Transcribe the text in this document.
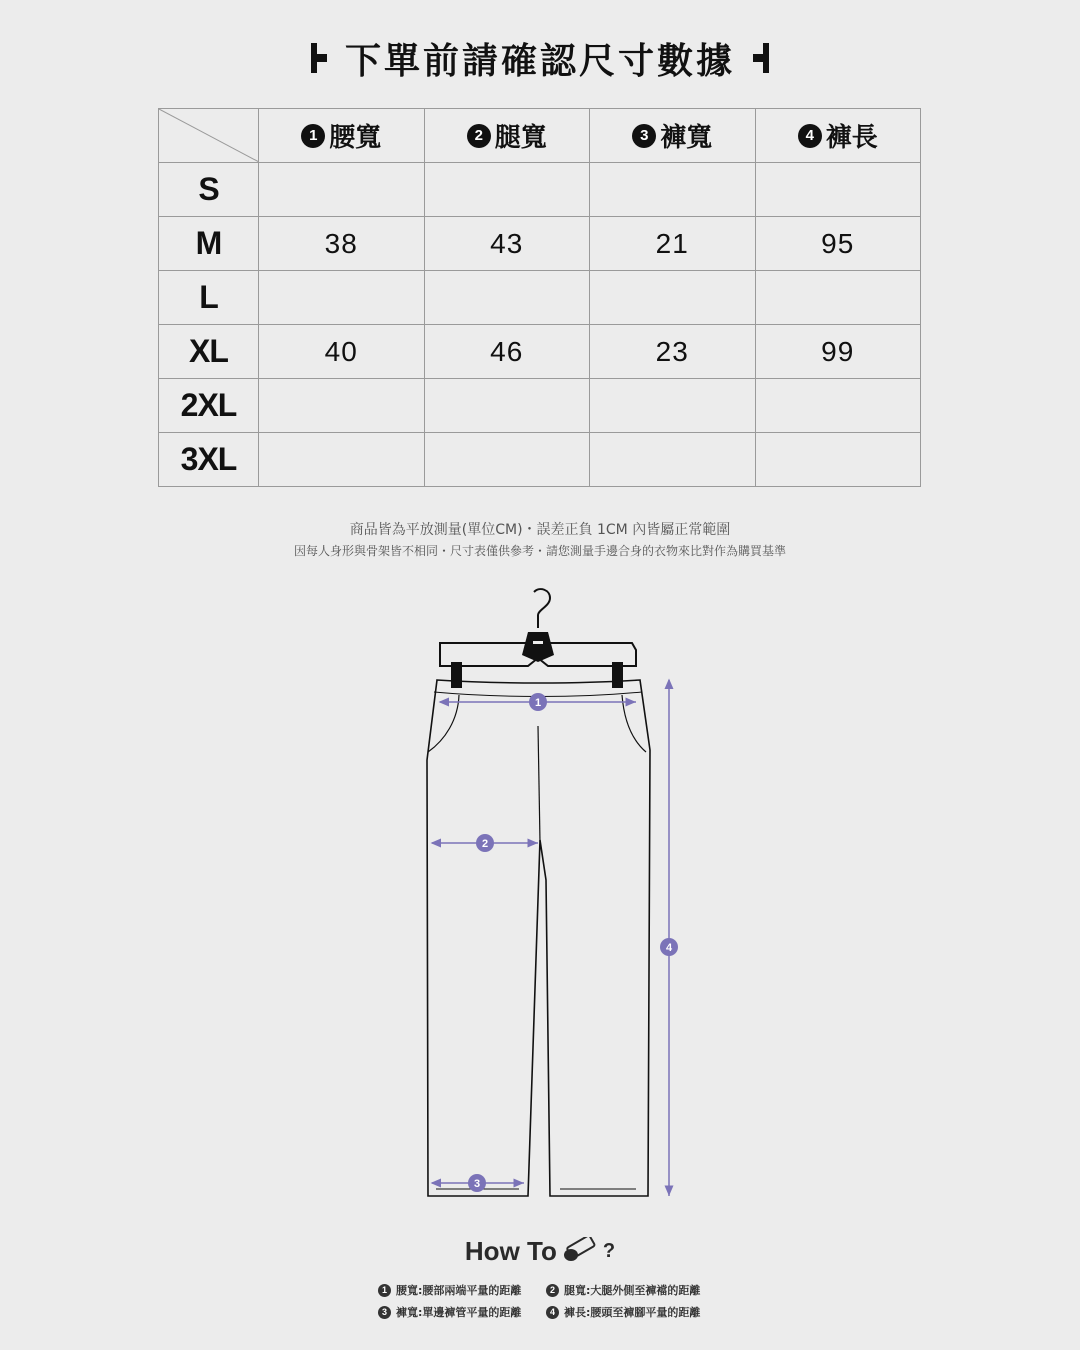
下單前請確認尺寸數據

1 腰寬	2 腿寬	3 褲寬	4 褲長

S				
M	38	43	21	95
L				
XL	40	46	23	99
2XL				
3XL				
商品皆為平放測量(單位CM)・誤差正負 1CM 內皆屬正常範圍
因每人身形與骨架皆不相同・尺寸表僅供參考・請您測量手邊合身的衣物來比對作為購買基準
1
2
3
4
How To ?
1 腰寬:腰部兩端平量的距離	2 腿寬:大腿外側至褲襠的距離
3 褲寬:單邊褲管平量的距離	4 褲長:腰頭至褲腳平量的距離
